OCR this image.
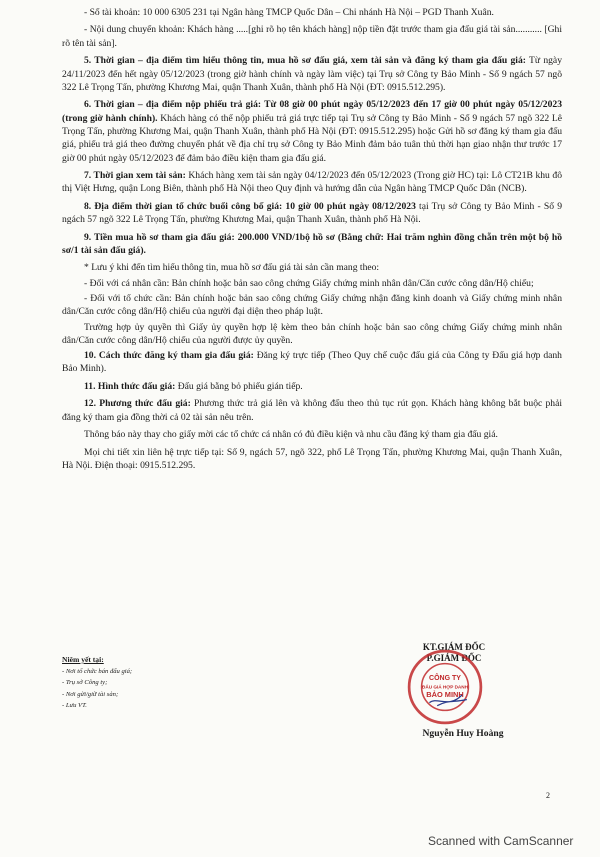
- Số tài khoản: 10 000 6305 231 tại Ngân hàng TMCP Quốc Dân – Chi nhánh Hà Nội – PGD Thanh Xuân.

- Nội dung chuyển khoản: Khách hàng .....[ghi rõ họ tên khách hàng] nộp tiền đặt trước tham gia đấu giá tài sản........... [Ghi rõ tên tài sản].

5. Thời gian – địa điểm tìm hiểu thông tin, mua hồ sơ đấu giá, xem tài sản và đăng ký tham gia đấu giá: Từ ngày 24/11/2023 đến hết ngày 05/12/2023 (trong giờ hành chính và ngày làm việc) tại Trụ sở Công ty Bảo Minh - Số 9 ngách 57 ngõ 322 Lê Trọng Tấn, phường Khương Mai, quận Thanh Xuân, thành phố Hà Nội (ĐT: 0915.512.295).

6. Thời gian – địa điểm nộp phiếu trả giá: Từ 08 giờ 00 phút ngày 05/12/2023 đến 17 giờ 00 phút ngày 05/12/2023 (trong giờ hành chính). Khách hàng có thể nộp phiếu trả giá trực tiếp tại Trụ sở Công ty Bảo Minh - Số 9 ngách 57 ngõ 322 Lê Trọng Tấn, phường Khương Mai, quận Thanh Xuân, thành phố Hà Nội (ĐT: 0915.512.295) hoặc Gửi hồ sơ đăng ký tham gia đấu giá, phiếu trả giá theo đường chuyển phát về địa chỉ trụ sở Công ty Bảo Minh đảm bảo tuân thủ thời hạn giao nhận thư trước 17 giờ 00 phút ngày 05/12/2023 để đảm bảo điều kiện tham gia đấu giá.

7. Thời gian xem tài sản: Khách hàng xem tài sản ngày 04/12/2023 đến 05/12/2023 (Trong giờ HC) tại: Lô CT21B khu đô thị Việt Hưng, quận Long Biên, thành phố Hà Nội theo Quy định và hướng dẫn của Ngân hàng TMCP Quốc Dân (NCB).

8. Địa điểm thời gian tổ chức buổi công bố giá: 10 giờ 00 phút ngày 08/12/2023 tại Trụ sở Công ty Bảo Minh - Số 9 ngách 57 ngõ 322 Lê Trọng Tấn, phường Khương Mai, quận Thanh Xuân, thành phố Hà Nội.

9. Tiền mua hồ sơ tham gia đấu giá: 200.000 VND/1bộ hồ sơ (Bằng chữ: Hai trăm nghìn đồng chẵn trên một bộ hồ sơ/1 tài sản đấu giá).

* Lưu ý khi đến tìm hiểu thông tin, mua hồ sơ đấu giá tài sản cần mang theo:

- Đối với cá nhân cần: Bản chính hoặc bản sao công chứng Giấy chứng minh nhân dân/Căn cước công dân/Hộ chiếu;

- Đối với tổ chức cần: Bản chính hoặc bản sao công chứng Giấy chứng nhận đăng kinh doanh và Giấy chứng minh nhân dân/Căn cước công dân/Hộ chiếu của người đại diện theo pháp luật.

Trường hợp ủy quyền thì Giấy ủy quyền hợp lệ kèm theo bản chính hoặc bản sao công chứng Giấy chứng minh nhân dân/Căn cước công dân/Hộ chiếu của người được ủy quyền.

10. Cách thức đăng ký tham gia đấu giá: Đăng ký trực tiếp (Theo Quy chế cuộc đấu giá của Công ty Đấu giá hợp danh Bảo Minh).

11. Hình thức đấu giá: Đấu giá bằng bỏ phiếu gián tiếp.

12. Phương thức đấu giá: Phương thức trả giá lên và không đấu theo thủ tục rút gọn. Khách hàng không bắt buộc phải đăng ký tham gia đồng thời cả 02 tài sản nêu trên.

Thông báo này thay cho giấy mời các tổ chức cá nhân có đủ điều kiện và nhu cầu đăng ký tham gia đấu giá.

Mọi chi tiết xin liên hệ trực tiếp tại: Số 9, ngách 57, ngõ 322, phố Lê Trọng Tấn, phường Khương Mai, quận Thanh Xuân, Hà Nội. Điện thoại: 0915.512.295.

Niêm yết tại:
- Nơi tổ chức bán đấu giá;
- Trụ sở Công ty;
- Nơi gửi/giữ tài sản;
- Lưu VT.
KT.GIÁM ĐỐC
P.GIÁM ĐỐC
CÔNG TY
ĐẤU GIÁ HỢP DANH
BẢO MINH
Nguyễn Huy Hoàng
2
Scanned with CamScanner
